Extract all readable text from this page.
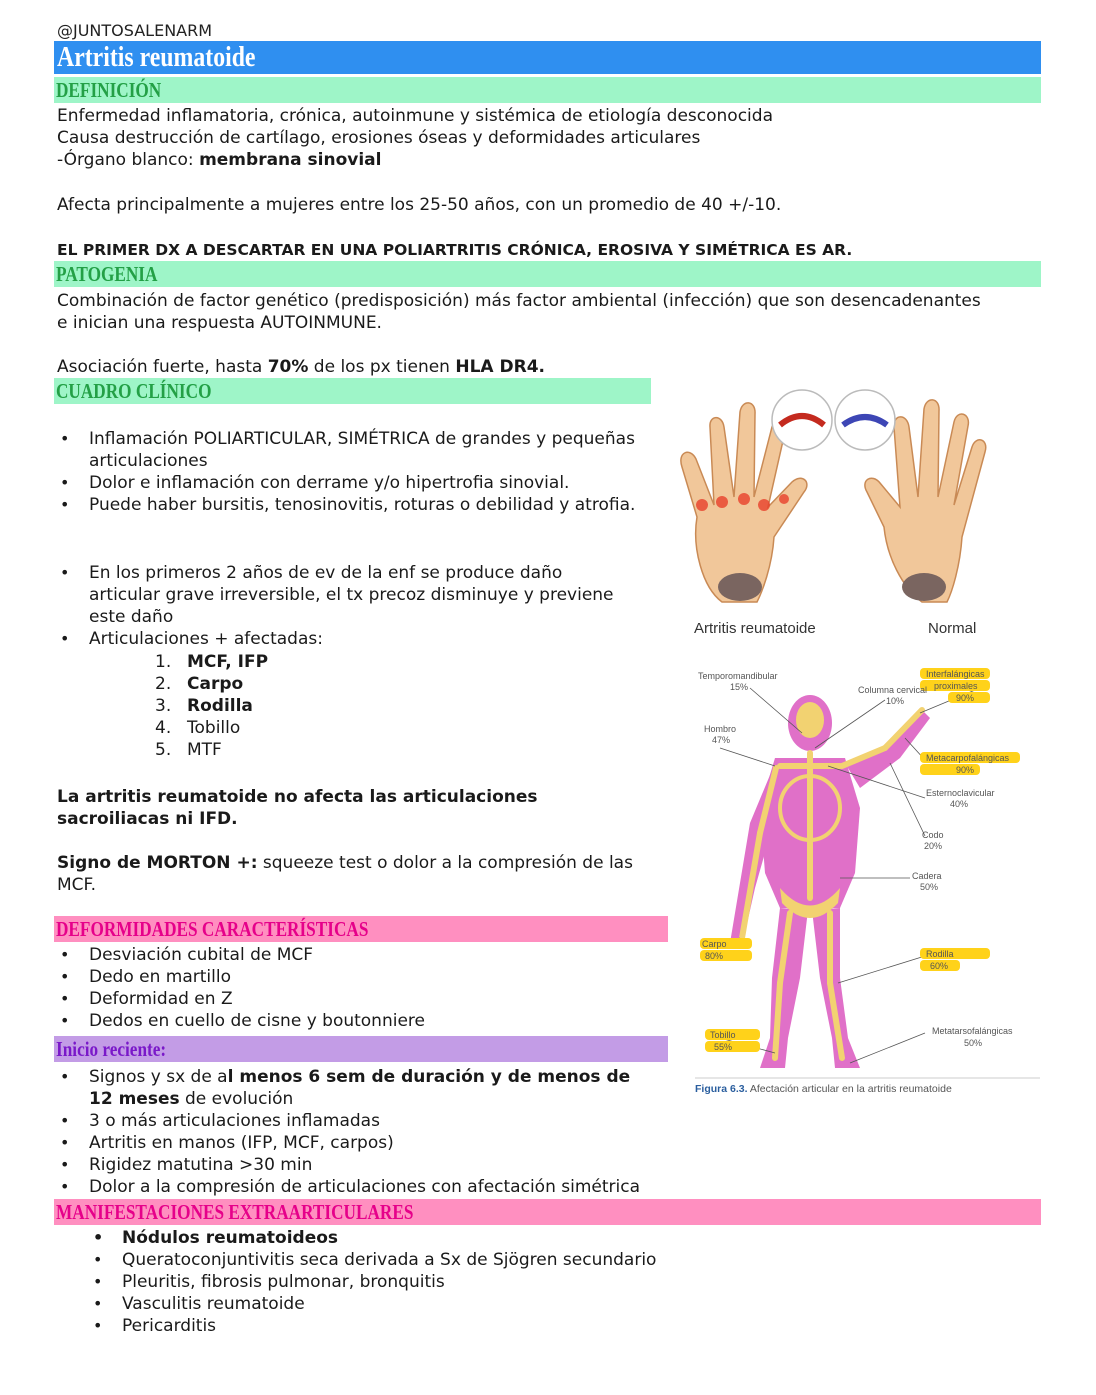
@JUNTOSALENARM
Artritis reumatoide
DEFINICIÓN
Enfermedad inflamatoria, crónica, autoinmune y sistémica de etiología desconocida
Causa destrucción de cartílago, erosiones óseas y deformidades articulares
-Órgano blanco: membrana sinovial
Afecta principalmente a mujeres entre los 25-50 años, con un promedio de 40 +/-10.
EL PRIMER DX A DESCARTAR EN UNA POLIARTRITIS CRÓNICA, EROSIVA Y SIMÉTRICA ES AR.
PATOGENIA
Combinación de factor genético (predisposición) más factor ambiental (infección) que son desencadenantes
e inician una respuesta AUTOINMUNE.
Asociación fuerte, hasta 70% de los px tienen HLA DR4.
CUADRO CLÍNICO
• Inflamación POLIARTICULAR, SIMÉTRICA de grandes y pequeñas articulaciones
• Dolor e inflamación con derrame y/o hipertrofia sinovial.
• Puede haber bursitis, tenosinovitis, roturas o debilidad y atrofia.
• En los primeros 2 años de ev de la enf se produce daño articular grave irreversible, el tx precoz disminuye y previene este daño
• Articulaciones + afectadas:
1. MCF, IFP
2. Carpo
3. Rodilla
4. Tobillo
5. MTF
La artritis reumatoide no afecta las articulaciones sacroiliacas ni IFD.
Signo de MORTON +: squeeze test o dolor a la compresión de las MCF.
DEFORMIDADES CARACTERÍSTICAS
• Desviación cubital de MCF
• Dedo en martillo
• Deformidad en Z
• Dedos en cuello de cisne y boutonniere
Inicio reciente:
• Signos y sx de al menos 6 sem de duración y de menos de 12 meses de evolución
• 3 o más articulaciones inflamadas
• Artritis en manos (IFP, MCF, carpos)
• Rigidez matutina >30 min
• Dolor a la compresión de articulaciones con afectación simétrica
MANIFESTACIONES EXTRAARTICULARES
• Nódulos reumatoideos
• Queratoconjuntivitis seca derivada a Sx de Sjögren secundario
• Pleuritis, fibrosis pulmonar, bronquitis
• Vasculitis reumatoide
• Pericarditis
Artritis reumatoide	Normal
Temporomandibular
15%	Columna cervical
10%
Hombro
47%
Interfalángicas
proximales
90%
Metacarpofalángicas
90%
Esternoclavicular
40%
Codo
20%
Cadera
50%
Carpo
80%	Rodilla
60%
Tobillo
55%
Metatarsofalángicas
50%
Figura 6.3. Afectación articular en la artritis reumatoide
